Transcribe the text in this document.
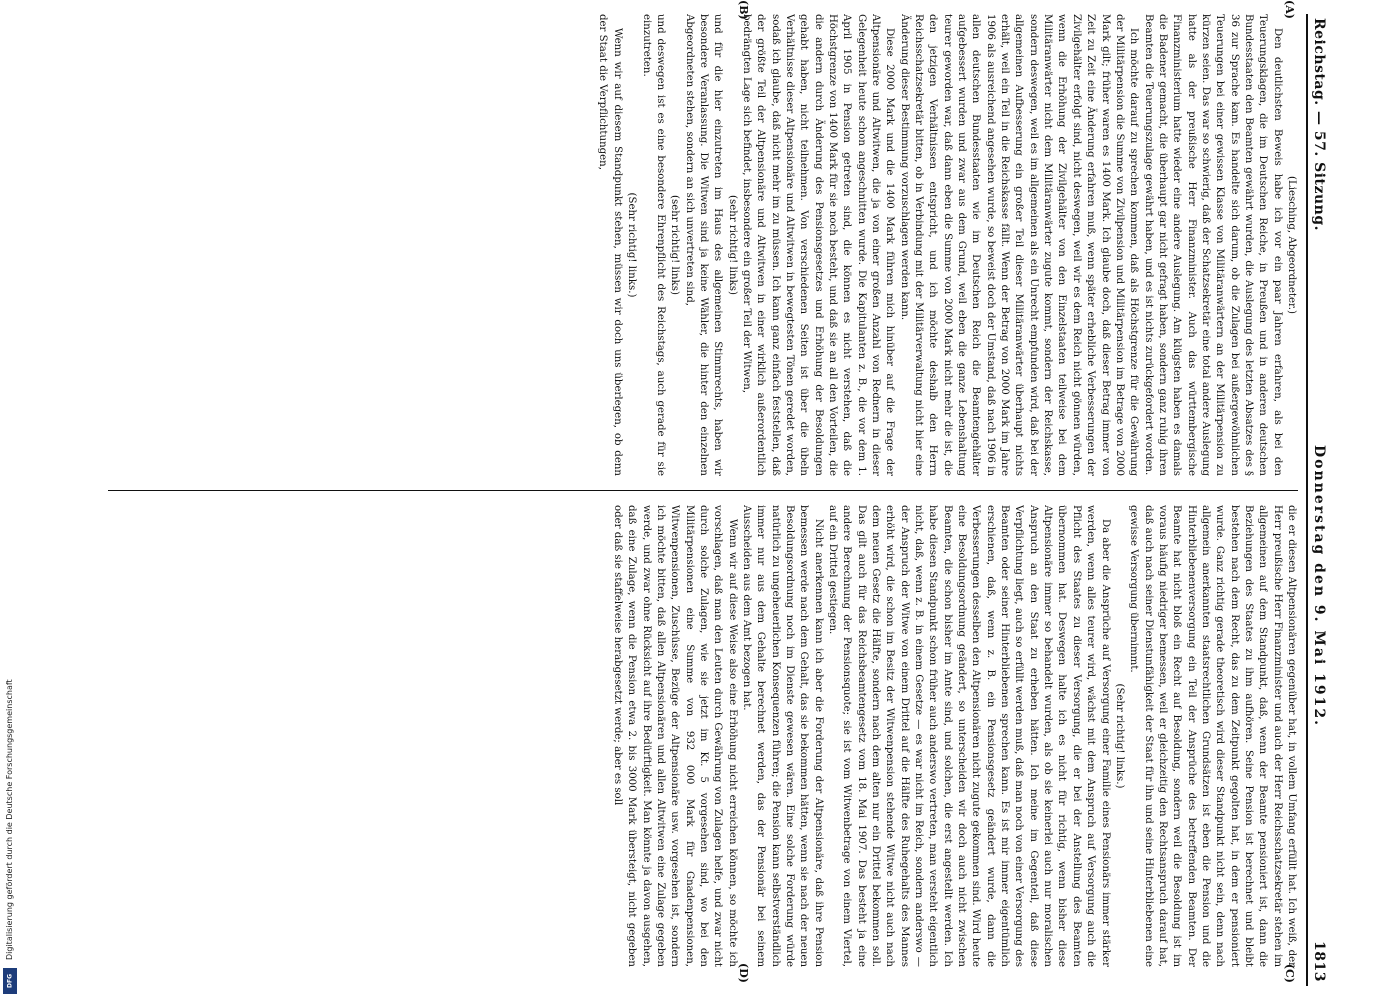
Digitalisierung gefördert durch die Deutsche Forschungsgemeinschaft
DFG
Reichstag. — 57. Sitzung.
Donnerstag den 9. Mai 1912.
1813
(A)
(B)

(Liesching, Abgeordneter.)

Den deutlichsten Beweis habe ich vor ein paar Jahren erfahren, als bei den Teuerungsklagen, die im Deutschen Reiche, in Preußen und in anderen deutschen Bundesstaaten den Beamten gewährt wurden, die Auslegung des letzten Absatzes des § 36 zur Sprache kam. Es handelte sich darum, ob die Zulagen bei außergewöhnlichen Teuerungen bei einer gewissen Klasse von Militäranwärtern an der Militärpension zu kürzen seien. Das war so schwierig, daß der Schatzsekretär eine total andere Auslegung hatte als der preußische Herr Finanzminister. Auch das württembergische Finanzministerium hatte wieder eine andere Auslegung. Am klügsten haben es damals die Badener gemacht, die überhaupt gar nicht gefragt haben, sondern ganz ruhig ihren Beamten die Teuerungszulage gewährt haben, und es ist nichts zurückgefordert worden.

Ich möchte darauf zu sprechen kommen, daß als Höchstgrenze für die Gewährung der Militärpension die Summe von Zivilpension und Militärpension im Betrage von 2000 Mark gilt; früher waren es 1400 Mark. Ich glaube doch, daß dieser Betrag immer von Zeit zu Zeit eine Änderung erfahren muß, wenn später erhebliche Verbesserungen der Zivilgehälter erfolgt sind, nicht deswegen, weil wir es dem Reich nicht gönnen würden, wenn die Erhöhung der Zivilgehälter von den Einzelstaaten teilweise bei dem Militäranwärter nicht dem Militäranwärter zugute kommt, sondern der Reichskasse, sondern deswegen, weil es im allgemeinen als ein Unrecht empfunden wird, daß bei der allgemeinen Aufbesserung ein großer Teil dieser Militäranwärter überhaupt nichts erhält, weil ein Teil in die Reichskasse fällt. Wenn der Betrag von 2000 Mark im Jahre 1906 als ausreichend angesehen wurde, so beweist doch der Umstand, daß nach 1906 in allen deutschen Bundesstaaten wie im Deutschen Reich die Beamtengehälter aufgebessert wurden und zwar aus dem Grund, weil eben die ganze Lebenshaltung teurer geworden war, daß dann eben die Summe von 2000 Mark nicht mehr die ist, die den jetzigen Verhältnissen entspricht, und ich möchte deshalb den Herrn Reichsschatzsekretär bitten, ob in Verbindung mit der Militärverwaltung nicht hier eine Änderung dieser Bestimmung vorzuschlagen werden kann.

Diese 2000 Mark und die 1400 Mark führen mich hinüber auf die Frage der Altpensionäre und Altwitwen, die ja von einer großen Anzahl von Rednern in dieser Gelegenheit heute schon angeschnitten wurde. Die Kapitulanten z. B., die vor dem 1. April 1905 in Pension getreten sind, die können es nicht verstehen, daß die Höchstgrenze von 1400 Mark für sie noch besteht, und daß sie an all den Vorteilen, die die andern durch Änderung des Pensionsgesetzes und Erhöhung der Besoldungen gehabt haben, nicht teilnehmen. Von verschiedenen Seiten ist über die übeln Verhältnisse dieser Altpensionäre und Altwitwen in bewegtesten Tönen geredet worden, sodaß ich glaube, daß nicht mehr im zu müssen. Ich kann ganz einfach feststellen, daß der größte Teil der Altpensionäre und Altwitwen in einer wirklich außerordentlich bedrängten Lage sich befindet, insbesondere ein großer Teil der Witwen,

(sehr richtig! links)

und für die hier einzutreten im Haus des allgemeinen Stimmrechts, haben wir besondere Veranlassung. Die Witwen sind ja keine Wähler, die hinter den einzelnen Abgeordneten stehen, sondern an sich unvertreten sind,

(sehr richtig! links)

und deswegen ist es eine besondere Ehrenpflicht des Reichstags, auch gerade für sie einzutreten.

(Sehr richtig! links.)

Wenn wir auf diesem Standpunkt stehen, müssen wir doch uns überlegen, ob denn der Staat die Verpflichtungen,

(C)
(D)

die er diesen Altpensionären gegenüber hat, in vollem Umfang erfüllt hat. Ich weiß, der Herr preußische Herr Finanzminister und auch der Herr Reichsschatzsekretär stehen im allgemeinen auf dem Standpunkt, daß, wenn der Beamte pensioniert ist, dann die Beziehungen des Staates zu ihm aufhören. Seine Pension ist berechnet und bleibt bestehen nach dem Recht, das zu dem Zeitpunkt gegolten hat, in dem er pensioniert wurde. Ganz richtig gerade theoretisch wird dieser Standpunkt nicht sein, denn nach allgemein anerkannten staatsrechtlichen Grundsätzen ist eben die Pension und die Hinterbliebenenversorgung ein Teil der Ansprüche des betreffenden Beamten. Der Beamte hat nicht bloß ein Recht auf Besoldung, sondern weil die Besoldung ist im voraus häufig niedriger bemessen, weil er gleichzeitig den Rechtsanspruch darauf hat, daß auch nach seiner Dienstunfähigkeit der Staat für ihn und seine Hinterbliebenen eine gewisse Versorgung übernimmt.

(Sehr richtig! links.)

Da aber die Ansprüche auf Versorgung einer Familie eines Pensionärs immer stärker werden, wenn alles teurer wird, wächst mit dem Anspruch auf Versorgung auch die Pflicht des Staates zu dieser Versorgung, die er bei der Anstellung des Beamten übernommen hat. Deswegen halte ich es nicht für richtig, wenn bisher diese Altpensionäre immer so behandelt wurden, als ob sie keinerlei auch nur moralischen Anspruch an den Staat zu erheben hätten. Ich meine im Gegenteil, daß diese Verpflichtung liegt, auch so erfüllt werden muß, daß man noch von einer Versorgung des Beamten oder seiner Hinterbliebenen sprechen kann. Es ist mir immer eigentümlich erschienen, daß, wenn z. B. ein Pensionsgesetz geändert wurde, dann die Verbesserungen desselben den Altpensionären nicht zugute gekommen sind. Wird heute eine Besoldungsordnung geändert, so unterscheiden wir doch auch nicht zwischen Beamten, die schon bisher im Amte sind, und solchen, die erst angestellt werden. Ich habe diesen Standpunkt schon früher auch anderswo vertreten, man versteht eigentlich nicht, daß, wenn z. B. in einem Gesetze — es war nicht im Reich, sondern anderswo — der Anspruch der Witwe von einem Drittel auf die Hälfte des Ruhegehalts des Mannes erhöht wird, die schon im Besitz der Witwenpension stehende Witwe nicht auch nach dem neuen Gesetz die Hälfte, sondern nach dem alten nur ein Drittel bekommen soll. Das gilt auch für das Reichsbeamtengesetz vom 18. Mai 1907. Das besteht ja eine andere Berechnung der Pensionsquote; sie ist vom Witwenbetrage von einem Viertel, auf ein Drittel gestiegen.

Nicht anerkennen kann ich aber die Forderung der Altpensionäre, daß ihre Pension bemessen werde nach dem Gehalt, das sie bekommen hätten, wenn sie nach der neuen Besoldungsordnung noch im Dienste gewesen wären. Eine solche Forderung würde natürlich zu ungeheuerlichen Konsequenzen führen; die Pension kann selbstverständlich immer nur aus dem Gehalte berechnet werden, das der Pensionär bei seinem Ausscheiden aus dem Amt bezogen hat.

Wenn wir auf diese Weise also eine Erhöhung nicht erreichen können, so möchte ich vorschlagen, daß man den Leuten durch Gewährung von Zulagen helfe, und zwar nicht durch solche Zulagen, wie sie jetzt im Kt. 5 vorgesehen sind, wo bei den Militärpensionen eine Summe von 932 000 Mark für Gnadenpensionen, Witwenpensionen, Zuschüsse, Bezüge der Altpensionäre usw. vorgesehen ist, sondern ich möchte bitten, daß allen Altpensionären und allen Altwitwen eine Zulage gegeben werde, und zwar ohne Rücksicht auf ihre Bedürftigkeit. Man könnte ja davon ausgehen, daß eine Zulage, wenn die Pension etwa 2. bis 3000 Mark übersteigt, nicht gegeben oder daß sie staffelweise herabgesetzt werde; aber es soll
